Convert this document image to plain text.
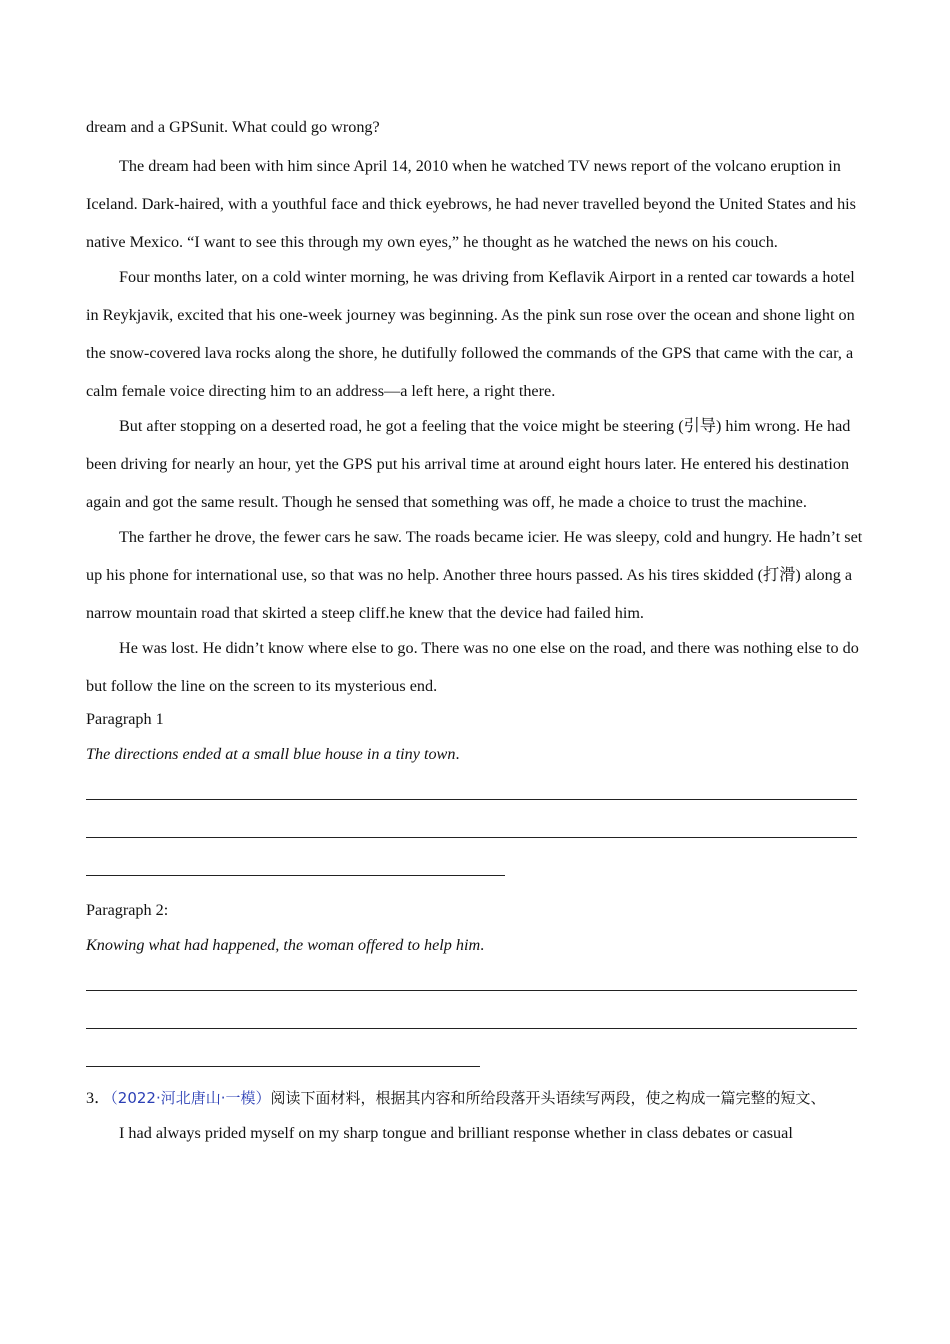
dream and a GPSunit. What could go wrong?

The dream had been with him since April 14, 2010 when he watched TV news report of the volcano eruption in Iceland. Dark-haired, with a youthful face and thick eyebrows, he had never travelled beyond the United States and his native Mexico. “I want to see this through my own eyes,” he thought as he watched the news on his couch.

Four months later, on a cold winter morning, he was driving from Keflavik Airport in a rented car towards a hotel in Reykjavik, excited that his one-week journey was beginning. As the pink sun rose over the ocean and shone light on the snow-covered lava rocks along the shore, he dutifully followed the commands of the GPS that came with the car, a calm female voice directing him to an address—a left here, a right there.

But after stopping on a deserted road, he got a feeling that the voice might be steering (引导) him wrong. He had been driving for nearly an hour, yet the GPS put his arrival time at around eight hours later. He entered his destination again and got the same result. Though he sensed that something was off, he made a choice to trust the machine.

The farther he drove, the fewer cars he saw. The roads became icier. He was sleepy, cold and hungry. He hadn’t set up his phone for international use, so that was no help. Another three hours passed. As his tires skidded (打滑) along a narrow mountain road that skirted a steep cliff.he knew that the device had failed him.

He was lost. He didn’t know where else to go. There was no one else on the road, and there was nothing else to do but follow the line on the screen to its mysterious end.

Paragraph 1

The directions ended at a small blue house in a tiny town.

Paragraph 2:

Knowing what had happened, the woman offered to help him.

3．（2022·河北唐山·一模）阅读下面材料，根据其内容和所给段落开头语续写两段，使之构成一篇完整的短文、

I had always prided myself on my sharp tongue and brilliant response whether in class debates or casual
